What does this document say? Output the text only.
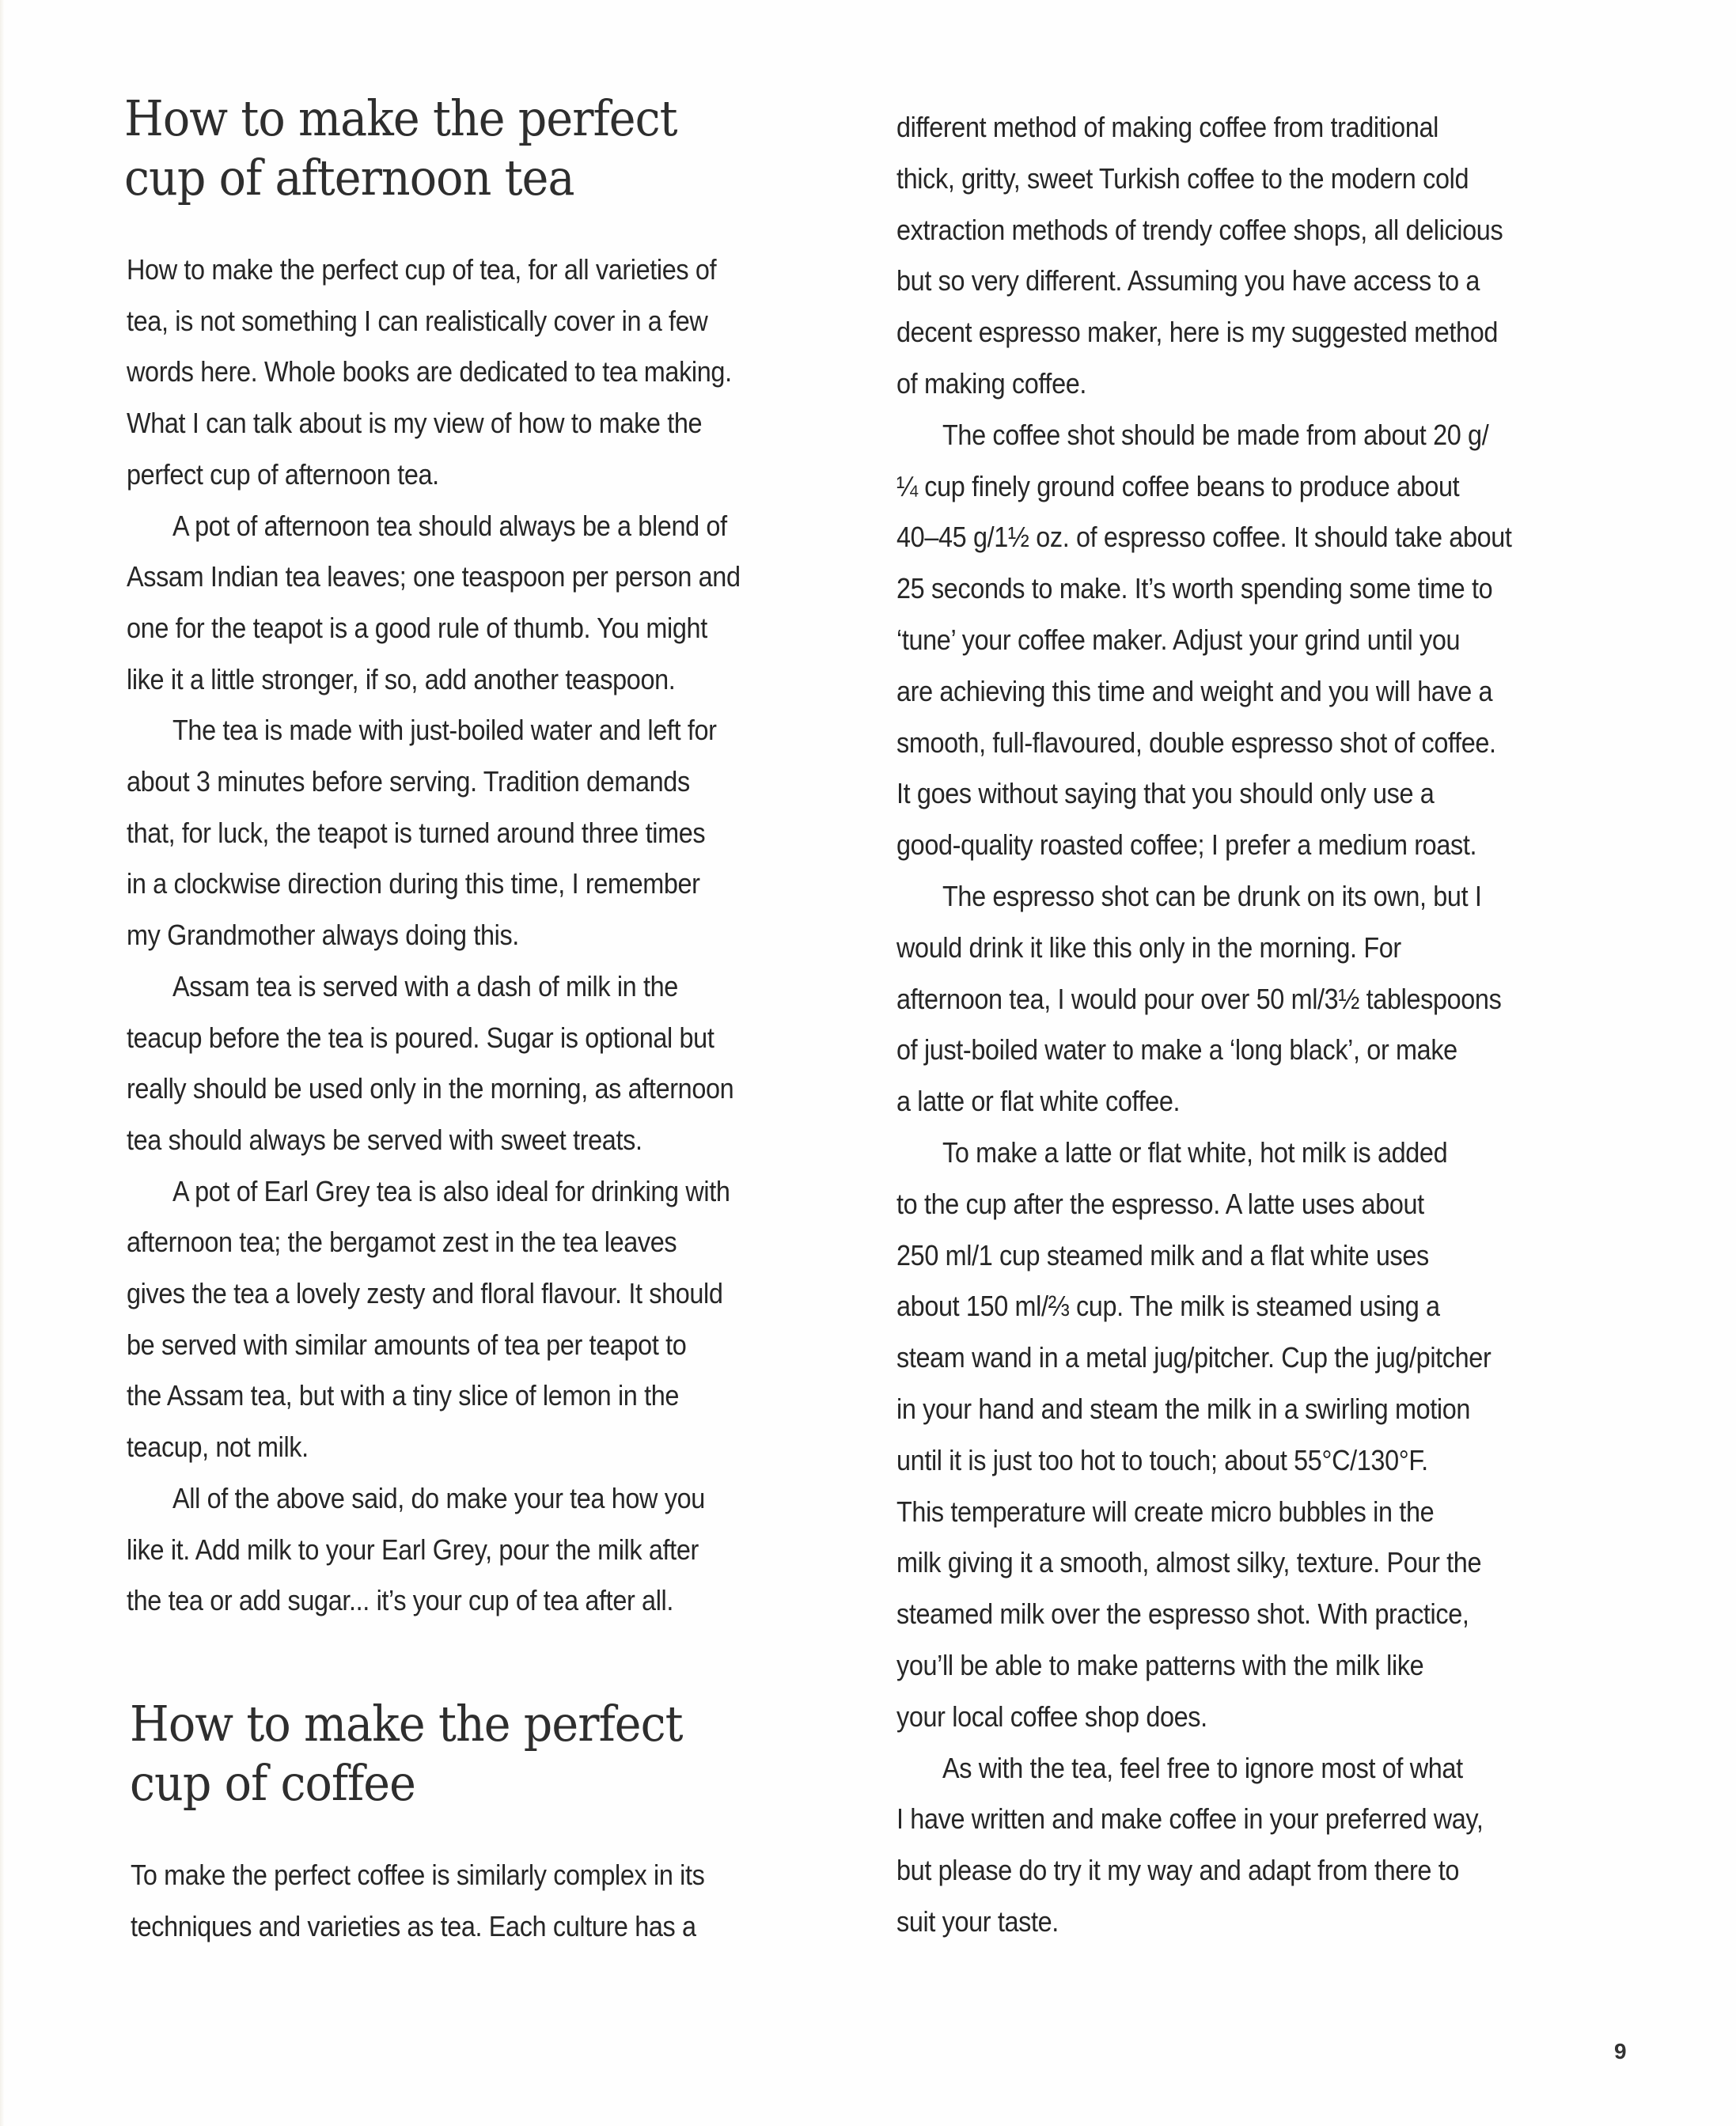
How to make the perfect
cup of afternoon tea
How to make the perfect cup of tea, for all varieties of
tea, is not something I can realistically cover in a few
words here. Whole books are dedicated to tea making.
What I can talk about is my view of how to make the
perfect cup of afternoon tea.
A pot of afternoon tea should always be a blend of
Assam Indian tea leaves; one teaspoon per person and
one for the teapot is a good rule of thumb. You might
like it a little stronger, if so, add another teaspoon.
The tea is made with just-boiled water and left for
about 3 minutes before serving. Tradition demands
that, for luck, the teapot is turned around three times
in a clockwise direction during this time, I remember
my Grandmother always doing this.
Assam tea is served with a dash of milk in the
teacup before the tea is poured. Sugar is optional but
really should be used only in the morning, as afternoon
tea should always be served with sweet treats.
A pot of Earl Grey tea is also ideal for drinking with
afternoon tea; the bergamot zest in the tea leaves
gives the tea a lovely zesty and floral flavour. It should
be served with similar amounts of tea per teapot to
the Assam tea, but with a tiny slice of lemon in the
teacup, not milk.
All of the above said, do make your tea how you
like it. Add milk to your Earl Grey, pour the milk after
the tea or add sugar... it’s your cup of tea after all.
How to make the perfect
cup of coffee
To make the perfect coffee is similarly complex in its
techniques and varieties as tea. Each culture has a
different method of making coffee from traditional
thick, gritty, sweet Turkish coffee to the modern cold
extraction methods of trendy coffee shops, all delicious
but so very different. Assuming you have access to a
decent espresso maker, here is my suggested method
of making coffee.
The coffee shot should be made from about 20 g/
¼ cup finely ground coffee beans to produce about
40–45 g/1½ oz. of espresso coffee. It should take about
25 seconds to make. It’s worth spending some time to
‘tune’ your coffee maker. Adjust your grind until you
are achieving this time and weight and you will have a
smooth, full-flavoured, double espresso shot of coffee.
It goes without saying that you should only use a
good-quality roasted coffee; I prefer a medium roast.
The espresso shot can be drunk on its own, but I
would drink it like this only in the morning. For
afternoon tea, I would pour over 50 ml/3½ tablespoons
of just-boiled water to make a ‘long black’, or make
a latte or flat white coffee.
To make a latte or flat white, hot milk is added
to the cup after the espresso. A latte uses about
250 ml/1 cup steamed milk and a flat white uses
about 150 ml/⅔ cup. The milk is steamed using a
steam wand in a metal jug/pitcher. Cup the jug/pitcher
in your hand and steam the milk in a swirling motion
until it is just too hot to touch; about 55°C/130°F.
This temperature will create micro bubbles in the
milk giving it a smooth, almost silky, texture. Pour the
steamed milk over the espresso shot. With practice,
you’ll be able to make patterns with the milk like
your local coffee shop does.
As with the tea, feel free to ignore most of what
I have written and make coffee in your preferred way,
but please do try it my way and adapt from there to
suit your taste.
9
